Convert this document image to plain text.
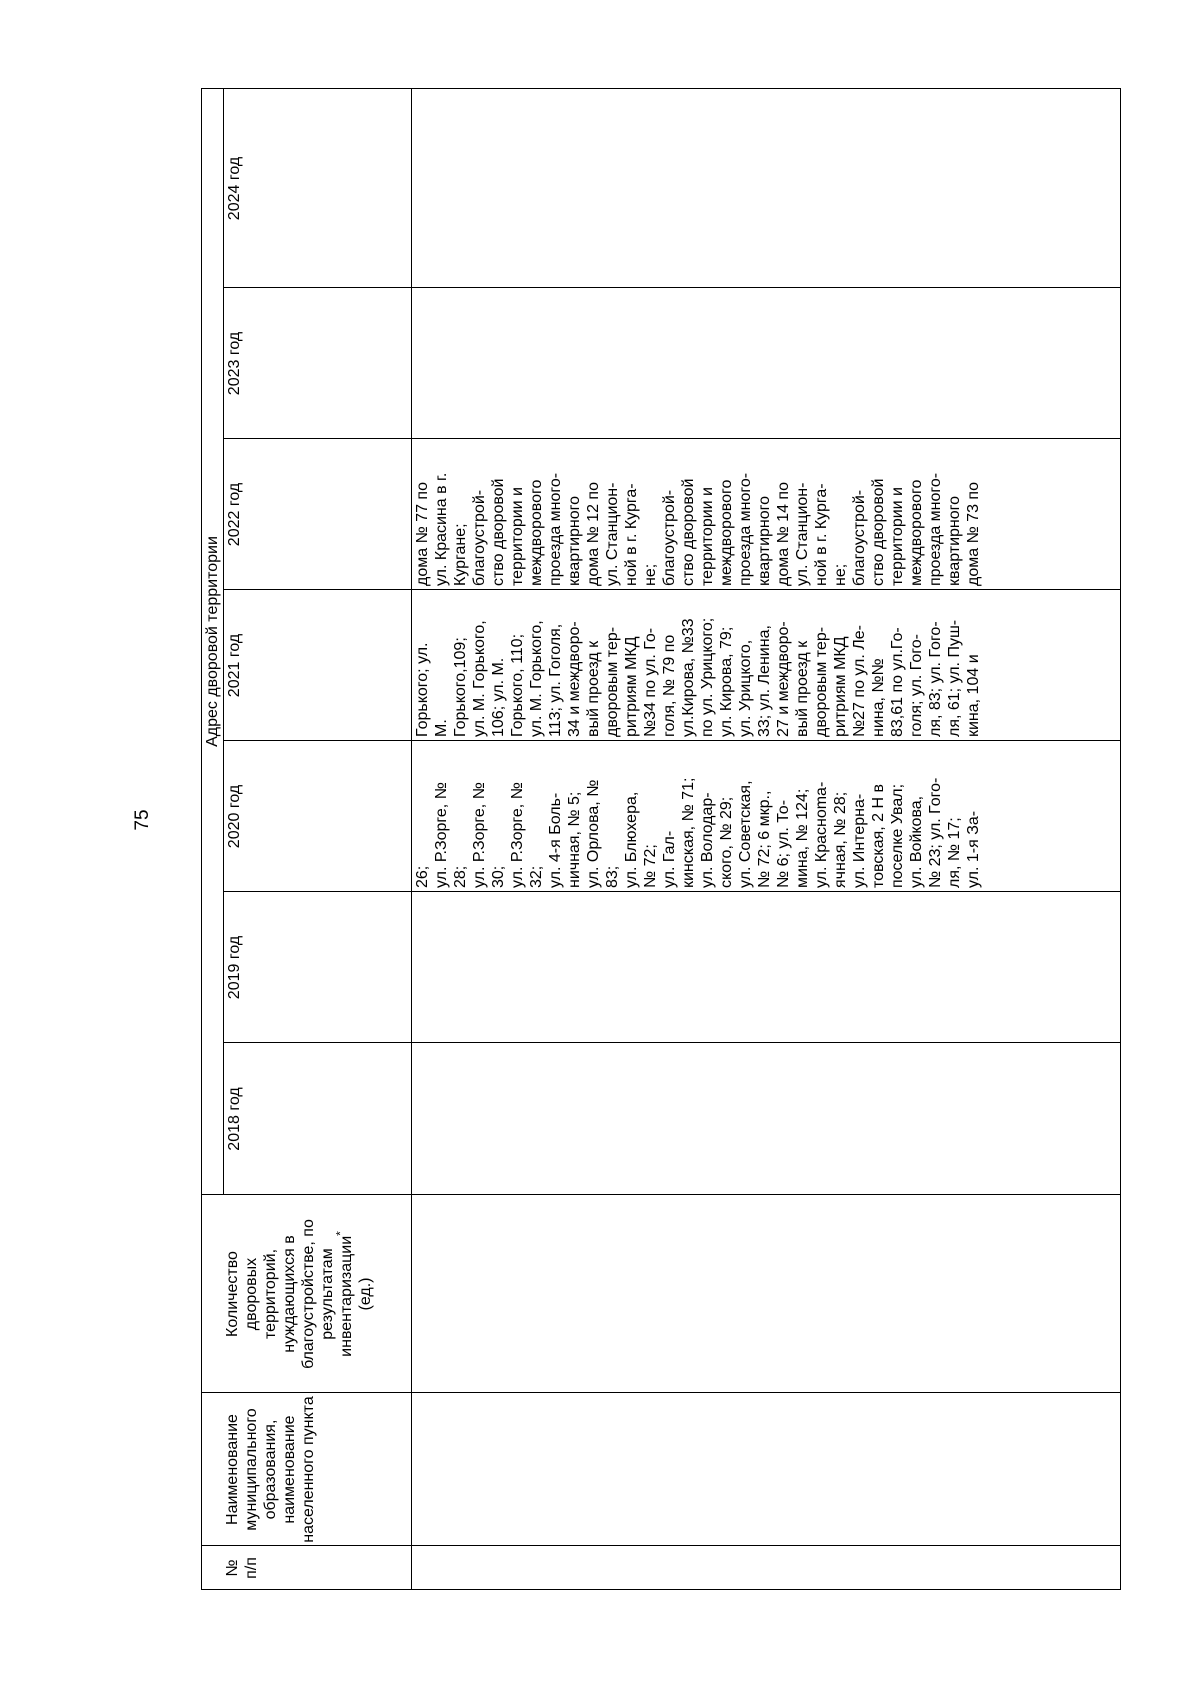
75
№ п/п
Наименование муниципального образования, наименование населенного пункта
Количество дворовых территорий, нуждающихся в благоустройстве, по результатам инвентаризации*
(ед.)
Адрес дворовой территории
2018 год
2019 год
2020 год
2021 год
2022 год
2023 год
2024 год
26; ул. Р.Зорге, № 28; ул. Р.Зорге, № 30; ул. Р.Зорге, № 32; ул. 4-я Боль- ничная, № 5; ул. Орлова, № 83; ул. Блюхера, № 72; ул. Гал- кинская, № 71; ул. Володар- ского, № 29; ул. Советская, № 72; 6 мкр., № 6; ул. То- мина, № 124; ул. Красноma- ячная, № 28; ул. Интерна- товская, 2 Н в поселке Увал; ул. Войкова, № 23; ул. Гого- ля, № 17; ул. 1-я За-
Горького; ул. М. Горького,109; ул. М. Горького, 106; ул. М. Горького, 110; ул. М. Горького, 113; ул. Гоголя, 34 и междворо- вый проезд к дворовым тер- ритриям МКД №34 по ул. Го- голя, № 79 по ул.Кирова, №33 по ул. Урицкого; ул. Кирова, 79; ул. Урицкого, 33; ул. Ленина, 27 и междворо- вый проезд к дворовым тер- ритриям МКД №27 по ул. Ле- нина, №№ 83,61 по ул.Го- голя; ул. Гого- ля, 83; ул. Гого- ля, 61; ул. Пуш- кина, 104 и
дома № 77 по ул. Красина в г. Кургане; благоустрой- ство дворовой территории и междворового проезда много- квартирного дома № 12 по ул. Станцион- ной в г. Курга- не; благоустрой- ство дворовой территории и междворового проезда много- квартирного дома № 14 по ул. Станцион- ной в г. Курга- не; благоустрой- ство дворовой территории и междворового проезда много- квартирного дома № 73 по
